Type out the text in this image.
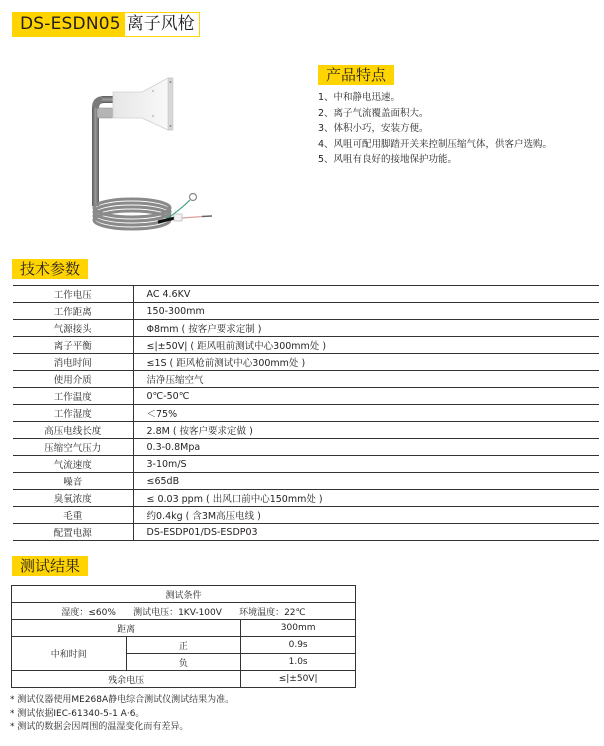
DS-ESDN05 离子风枪
产品特点
1、中和静电迅速。
2、离子气流覆盖面积大。
3、体积小巧，安装方便。
4、风咀可配用脚踏开关来控制压缩气体，供客户选购。
5、风咀有良好的接地保护功能。
技术参数
工作电压	AC 4.6KV
工作距离	150-300mm
气源接头	Φ8mm ( 按客户要求定制 )
离子平衡	≤|±50V| ( 距风咀前测试中心300mm处 )
消电时间	≤1S ( 距风枪前测试中心300mm处 )
使用介质	洁净压缩空气
工作温度	0℃-50℃
工作湿度	＜75%
高压电线长度	2.8M ( 按客户要求定做 )
压缩空气压力	0.3-0.8Mpa
气流速度	3-10m/S
噪音	≤65dB
臭氧浓度	≤ 0.03 ppm ( 出风口前中心150mm处 )
毛重	约0.4kg ( 含3M高压电线 )
配置电源	DS-ESDP01/DS-ESDP03
测试结果
测试条件		
湿度：≤60%      测试电压：1KV-100V      环境温度：22℃		
距离		300mm
中和时间	正	0.9s
	负	1.0s
残余电压		≤|±50V|
* 测试仪器使用ME268A静电综合测试仪测试结果为准。
* 测试依据IEC-61340-5-1 A·6。
* 测试的数据会因周围的温湿变化而有差异。
